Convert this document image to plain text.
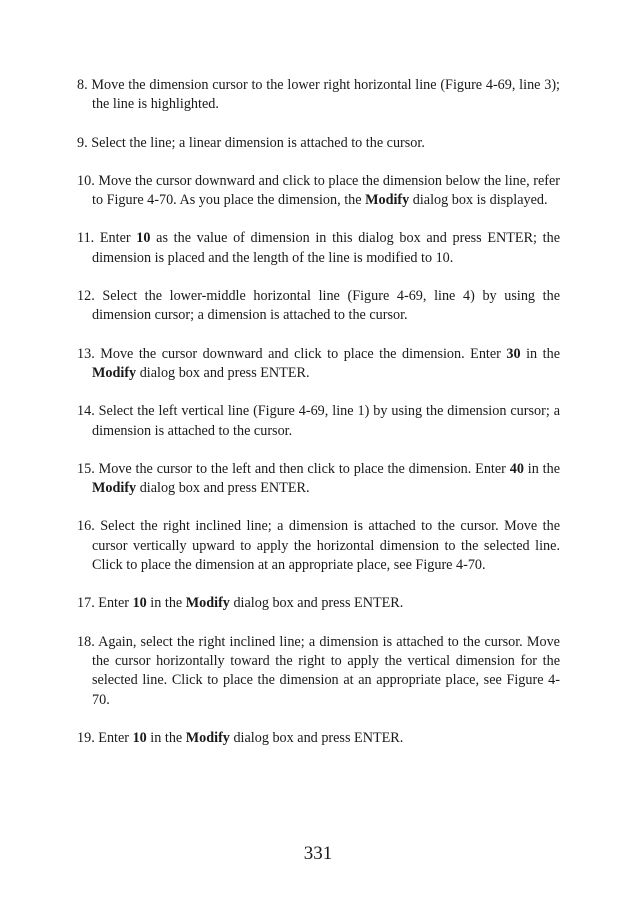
8. Move the dimension cursor to the lower right horizontal line (Figure 4-69, line 3); the line is highlighted.

9. Select the line; a linear dimension is attached to the cursor.

10. Move the cursor downward and click to place the dimension below the line, refer to Figure 4-70. As you place the dimension, the Modify dialog box is displayed.

11. Enter 10 as the value of dimension in this dialog box and press ENTER; the dimension is placed and the length of the line is modified to 10.

12. Select the lower-middle horizontal line (Figure 4-69, line 4) by using the dimension cursor; a dimension is attached to the cursor.

13. Move the cursor downward and click to place the dimension. Enter 30 in the Modify dialog box and press ENTER.

14. Select the left vertical line (Figure 4-69, line 1) by using the dimension cursor; a dimension is attached to the cursor.

15. Move the cursor to the left and then click to place the dimension. Enter 40 in the Modify dialog box and press ENTER.

16. Select the right inclined line; a dimension is attached to the cursor. Move the cursor vertically upward to apply the horizontal dimension to the selected line. Click to place the dimension at an appropriate place, see Figure 4-70.

17. Enter 10 in the Modify dialog box and press ENTER.

18. Again, select the right inclined line; a dimension is attached to the cursor. Move the cursor horizontally toward the right to apply the vertical dimension for the selected line. Click to place the dimension at an appropriate place, see Figure 4-70.

19. Enter 10 in the Modify dialog box and press ENTER.

331
